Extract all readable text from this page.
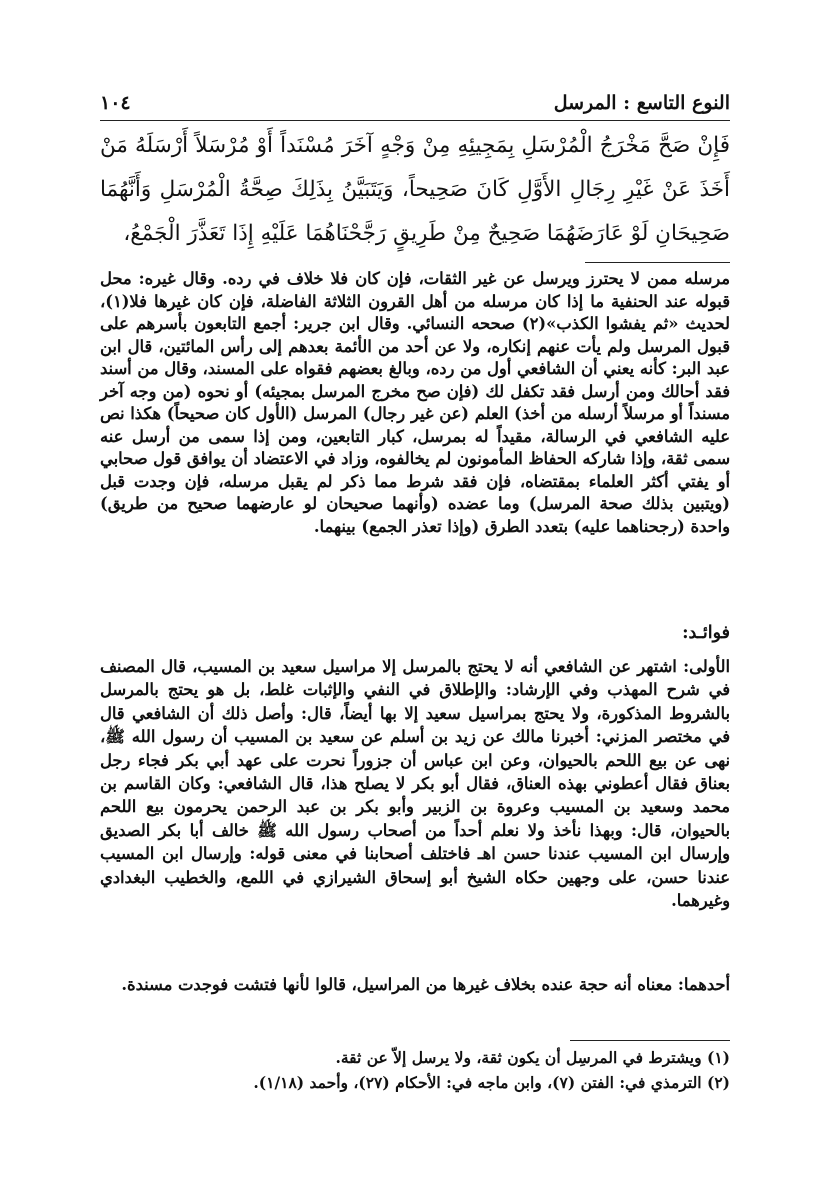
النوع التاسع : المرسل
١٠٤

فَإِنْ صَحَّ مَخْرَجُ الْمُرْسَلِ بِمَجِيئِهِ مِنْ وَجْهٍ آخَرَ مُسْنَداً أَوْ مُرْسَلاً أَرْسَلَهُ مَنْ أَخَذَ عَنْ غَيْرِ رِجَالِ الأَوَّلِ كَانَ صَحِيحاً، وَيَتَبَيَّنُ بِذَلِكَ صِحَّةُ الْمُرْسَلِ وَأَنَّهُمَا صَحِيحَانِ لَوْ عَارَضَهُمَا صَحِيحٌ مِنْ طَرِيقٍ رَجَّحْنَاهُمَا عَلَيْهِ إِذَا تَعَذَّرَ الْجَمْعُ،

مرسله ممن لا يحترز ويرسل عن غير الثقات، فإن كان فلا خلاف في رده. وقال غيره: محل قبوله عند الحنفية ما إذا كان مرسله من أهل القرون الثلاثة الفاضلة، فإن كان غيرها فلا(١)، لحديث «ثم يفشوا الكذب»(٢) صححه النسائي. وقال ابن جرير: أجمع التابعون بأسرهم على قبول المرسل ولم يأت عنهم إنكاره، ولا عن أحد من الأئمة بعدهم إلى رأس المائتين، قال ابن عبد البر: كأنه يعني أن الشافعي أول من رده، وبالغ بعضهم فقواه على المسند، وقال من أسند فقد أحالك ومن أرسل فقد تكفل لك (فإن صح مخرج المرسل بمجيئه) أو نحوه (من وجه آخر مسنداً أو مرسلاً أرسله من أخذ) العلم (عن غير رجال) المرسل (الأول كان صحيحاً) هكذا نص عليه الشافعي في الرسالة، مقيداً له بمرسل، كبار التابعين، ومن إذا سمى من أرسل عنه سمى ثقة، وإذا شاركه الحفاظ المأمونون لم يخالفوه، وزاد في الاعتضاد أن يوافق قول صحابي أو يفتي أكثر العلماء بمقتضاه، فإن فقد شرط مما ذكر لم يقبل مرسله، فإن وجدت قبل (ويتبين بذلك صحة المرسل) وما عضده (وأنهما صحيحان لو عارضهما صحيح من طريق) واحدة (رجحناهما عليه) بتعدد الطرق (وإذا تعذر الجمع) بينهما.

فوائـد:

الأولى: اشتهر عن الشافعي أنه لا يحتج بالمرسل إلا مراسيل سعيد بن المسيب، قال المصنف في شرح المهذب وفي الإرشاد: والإطلاق في النفي والإثبات غلط، بل هو يحتج بالمرسل بالشروط المذكورة، ولا يحتج بمراسيل سعيد إلا بها أيضاً، قال: وأصل ذلك أن الشافعي قال في مختصر المزني: أخبرنا مالك عن زيد بن أسلم عن سعيد بن المسيب أن رسول الله ﷺ، نهى عن بيع اللحم بالحيوان، وعن ابن عباس أن جزوراً نحرت على عهد أبي بكر فجاء رجل بعناق فقال أعطوني بهذه العناق، فقال أبو بكر لا يصلح هذا، قال الشافعي: وكان القاسم بن محمد وسعيد بن المسيب وعروة بن الزبير وأبو بكر بن عبد الرحمن يحرمون بيع اللحم بالحيوان، قال: وبهذا نأخذ ولا نعلم أحداً من أصحاب رسول الله ﷺ خالف أبا بكر الصديق وإرسال ابن المسيب عندنا حسن اهـ فاختلف أصحابنا في معنى قوله: وإرسال ابن المسيب عندنا حسن، على وجهين حكاه الشيخ أبو إسحاق الشيرازي في اللمع، والخطيب البغدادي وغيرهما.

أحدهما: معناه أنه حجة عنده بخلاف غيرها من المراسيل، قالوا لأنها فتشت فوجدت مسندة.

(١) ويشترط في المرسِل أن يكون ثقة، ولا يرسل إلاّ عن ثقة.
(٢) الترمذي في: الفتن (٧)، وابن ماجه في: الأحكام (٢٧)، وأحمد (١/١٨).
